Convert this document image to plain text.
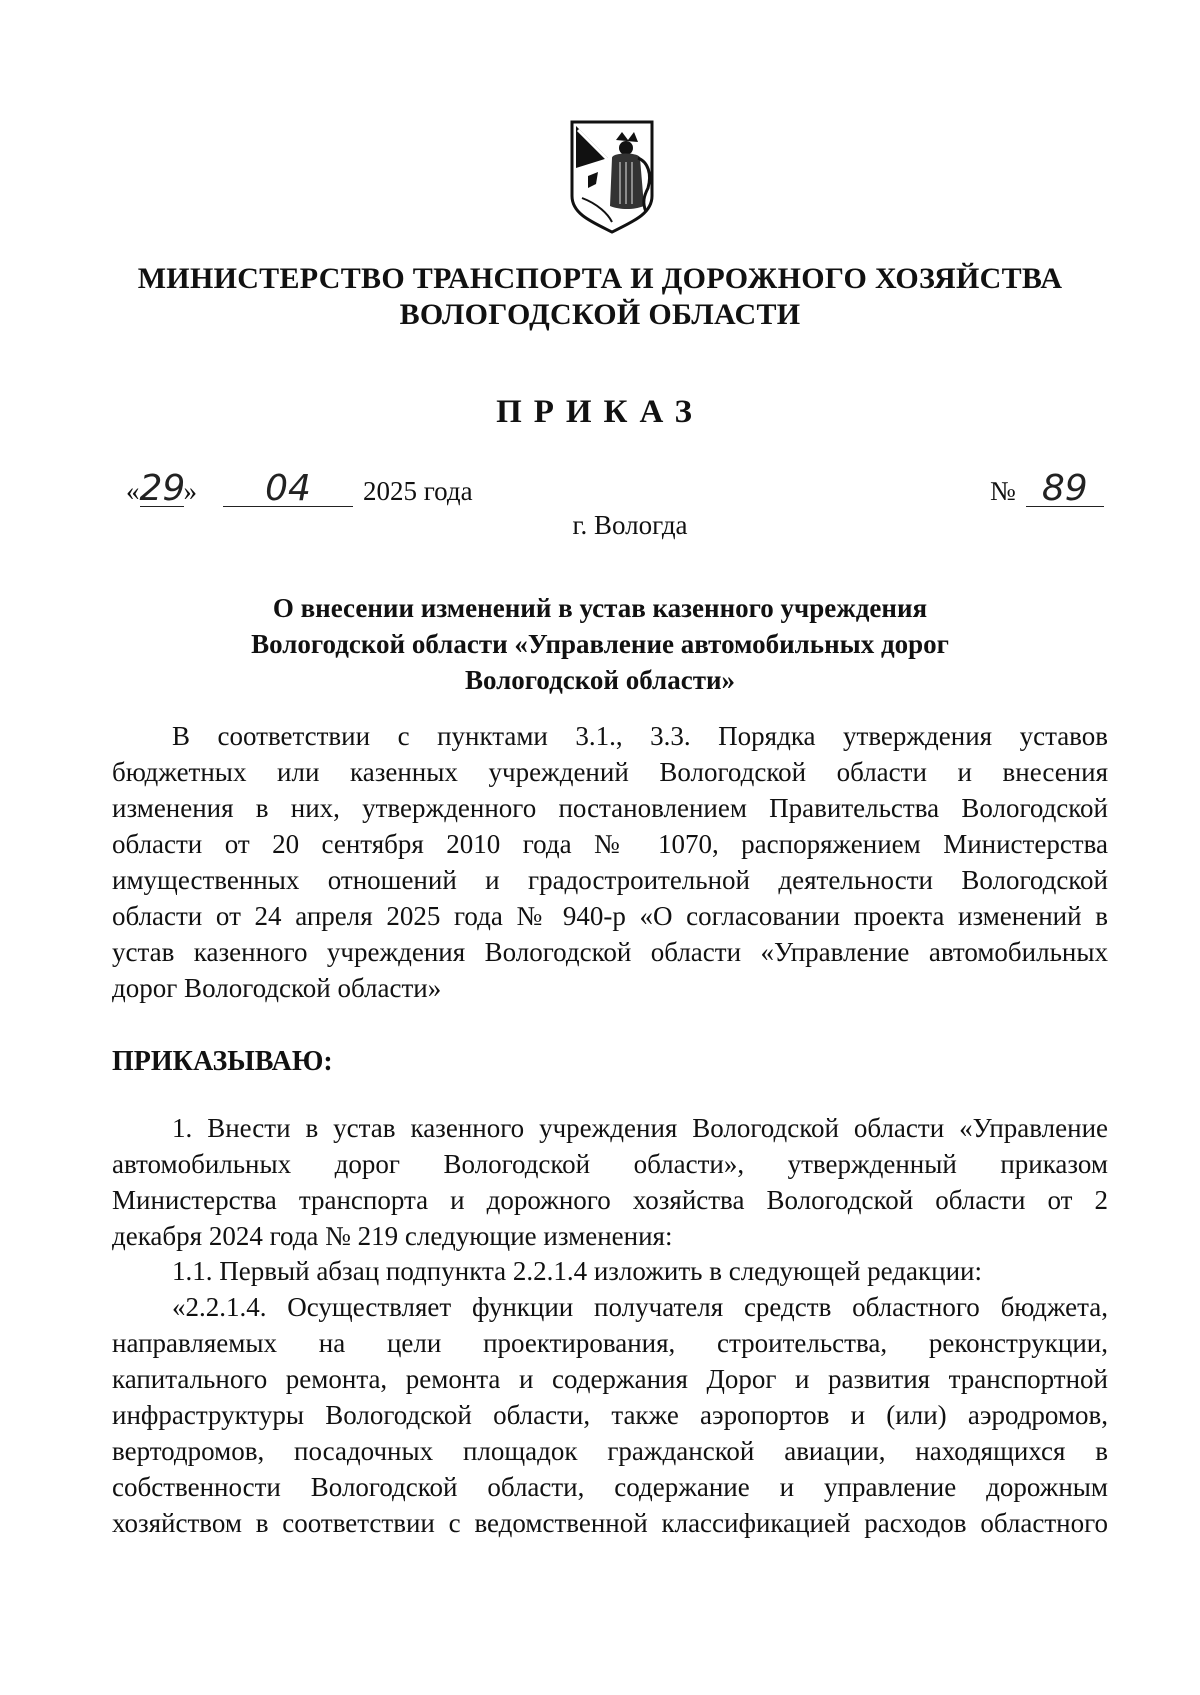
МИНИСТЕРСТВО ТРАНСПОРТА И ДОРОЖНОГО ХОЗЯЙСТВА
ВОЛОГОДСКОЙ ОБЛАСТИ
ПРИКАЗ
«29
» 04 2025 года	№ 89
г. Вологда
О внесении изменений в устав казенного учреждения
Вологодской области «Управление автомобильных дорог
Вологодской области»
В соответствии с пунктами 3.1., 3.3. Порядка утверждения уставов
бюджетных или казенных учреждений Вологодской области и внесения
изменения в них, утвержденного постановлением Правительства Вологодской
области от 20 сентября 2010 года № 1070, распоряжением Министерства
имущественных отношений и градостроительной деятельности Вологодской
области от 24 апреля 2025 года № 940-р «О согласовании проекта изменений в
устав казенного учреждения Вологодской области «Управление автомобильных
дорог Вологодской области»
ПРИКАЗЫВАЮ:
1. Внести в устав казенного учреждения Вологодской области «Управление
автомобильных дорог Вологодской области», утвержденный приказом
Министерства транспорта и дорожного хозяйства Вологодской области от 2
декабря 2024 года № 219 следующие изменения:
1.1. Первый абзац подпункта 2.2.1.4 изложить в следующей редакции:
«2.2.1.4. Осуществляет функции получателя средств областного бюджета,
направляемых на цели проектирования, строительства, реконструкции,
капитального ремонта, ремонта и содержания Дорог и развития транспортной
инфраструктуры Вологодской области, также аэропортов и (или) аэродромов,
вертодромов, посадочных площадок гражданской авиации, находящихся в
собственности Вологодской области, содержание и управление дорожным
хозяйством в соответствии с ведомственной классификацией расходов областного
